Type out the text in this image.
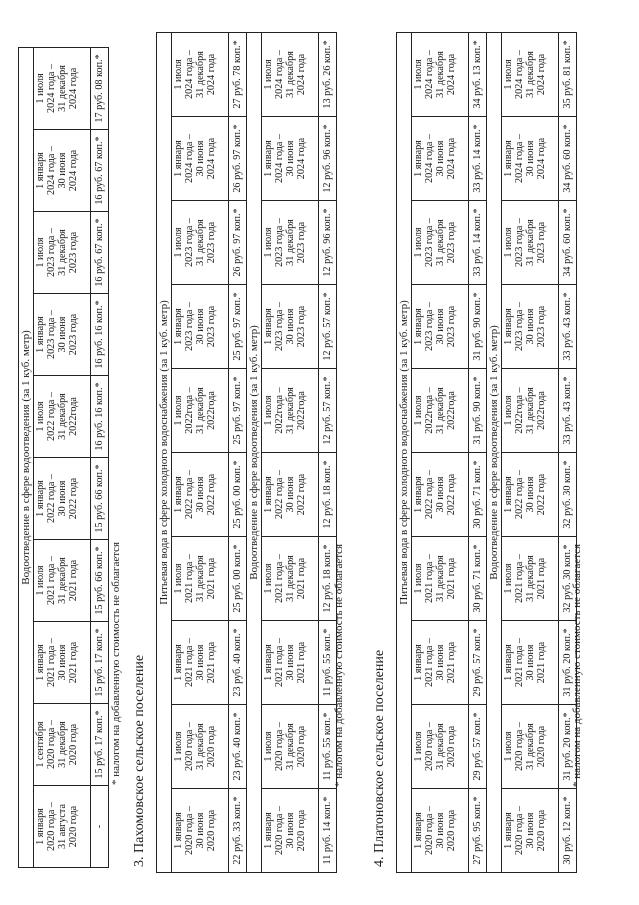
Водоотведение в сфере водоотведения (за 1 куб. метр)									

1 января 2020 года – 31 августа 2020 года	1 сентября 2020 года – 31 декабря 2020 года	1 января 2021 года – 30 июня 2021 года	1 июля 2021 года – 31 декабря 2021 года	1 января 2022 года – 30 июня 2022 года	1 июля 2022 года – 31 декабря 2022года	1 января 2023 года – 30 июня 2023 года	1 июля 2023 года – 31 декабря 2023 года	1 января 2024 года – 30 июня 2024 года	1 июля 2024 года – 31 декабря 2024 года

-	15 руб. 17 коп.*	15 руб. 17 коп.*	15 руб. 66 коп.*	15 руб. 66 коп.*	16 руб. 16 коп.*	16 руб. 16 коп.*	16 руб. 67 коп.*	16 руб. 67 коп.*	17 руб. 08 коп.*
* налогом на добавленную стоимость не облагается 3. Пахомовское сельское поселение
Питьевая вода в сфере холодного водоснабжения (за 1 куб. метр)									

1 января 2020 года – 30 июня 2020 года	1 июля 2020 года – 31 декабря 2020 года	1 января 2021 года – 30 июня 2021 года	1 июля 2021 года – 31 декабря 2021 года	1 января 2022 года – 30 июня 2022 года	1 июля 2022года – 31 декабря 2022года	1 января 2023 года – 30 июня 2023 года	1 июля 2023 года – 31 декабря 2023 года	1 января 2024 года – 30 июня 2024 года	1 июля 2024 года – 31 декабря 2024 года

22 руб. 33 коп.*	23 руб. 40 коп.*	23 руб. 40 коп.*	25 руб. 00 коп.*	25 руб. 00 коп.*	25 руб. 97 коп.*	25 руб. 97 коп.*	26 руб. 97 коп.*	26 руб. 97 коп.*	27 руб. 78 коп.*
Водоотведение в сфере водоотведения (за 1 куб. метр)									

1 января 2020 года – 30 июня 2020 года	1 июля 2020 года – 31 декабря 2020 года	1 января 2021 года – 30 июня 2021 года	1 июля 2021 года – 31 декабря 2021 года	1 января 2022 года – 30 июня 2022 года	1 июля 2022года – 31 декабря 2022года	1 января 2023 года – 30 июня 2023 года	1 июля 2023 года – 31 декабря 2023 года	1 января 2024 года – 30 июня 2024 года	1 июля 2024 года – 31 декабря 2024 года

11 руб. 14 коп.*	11 руб. 55 коп.*	11 руб. 55 коп.*	12 руб. 18 коп.*	12 руб. 18 коп.*	12 руб. 57 коп.*	12 руб. 57 коп.*	12 руб. 96 коп.*	12 руб. 96 коп.*	13 руб. 26 коп.*
* налогом на добавленную стоимость не облагается 4. Платоновское сельское поселение
Питьевая вода в сфере холодного водоснабжения (за 1 куб. метр)									

1 января 2020 года – 30 июня 2020 года	1 июля 2020 года – 31 декабря 2020 года	1 января 2021 года – 30 июня 2021 года	1 июля 2021 года – 31 декабря 2021 года	1 января 2022 года – 30 июня 2022 года	1 июля 2022года – 31 декабря 2022года	1 января 2023 года – 30 июня 2023 года	1 июля 2023 года – 31 декабря 2023 года	1 января 2024 года – 30 июня 2024 года	1 июля 2024 года – 31 декабря 2024 года

27 руб. 95 коп.*	29 руб. 57 коп.*	29 руб. 57 коп.*	30 руб. 71 коп.*	30 руб. 71 коп.*	31 руб. 90 коп.*	31 руб. 90 коп.*	33 руб. 14 коп.*	33 руб. 14 коп.*	34 руб. 13 коп.*
Водоотведение в сфере водоотведения (за 1 куб. метр)									

1 января 2020 года – 30 июня 2020 года	1 июля 2020 года – 31 декабря 2020 года	1 января 2021 года – 30 июня 2021 года	1 июля 2021 года – 31 декабря 2021 года	1 января 2022 года – 30 июня 2022 года	1 июля 2022года – 31 декабря 2022года	1 января 2023 года – 30 июня 2023 года	1 июля 2023 года – 31 декабря 2023 года	1 января 2024 года – 30 июня 2024 года	1 июля 2024 года – 31 декабря 2024 года

30 руб. 12 коп.*	31 руб. 20 коп.*	31 руб. 20 коп.*	32 руб. 30 коп.*	32 руб. 30 коп.*	33 руб. 43 коп.*	33 руб. 43 коп.*	34 руб. 60 коп.*	34 руб. 60 коп.*	35 руб. 81 коп.*
* налогом на добавленную стоимость не облагается
